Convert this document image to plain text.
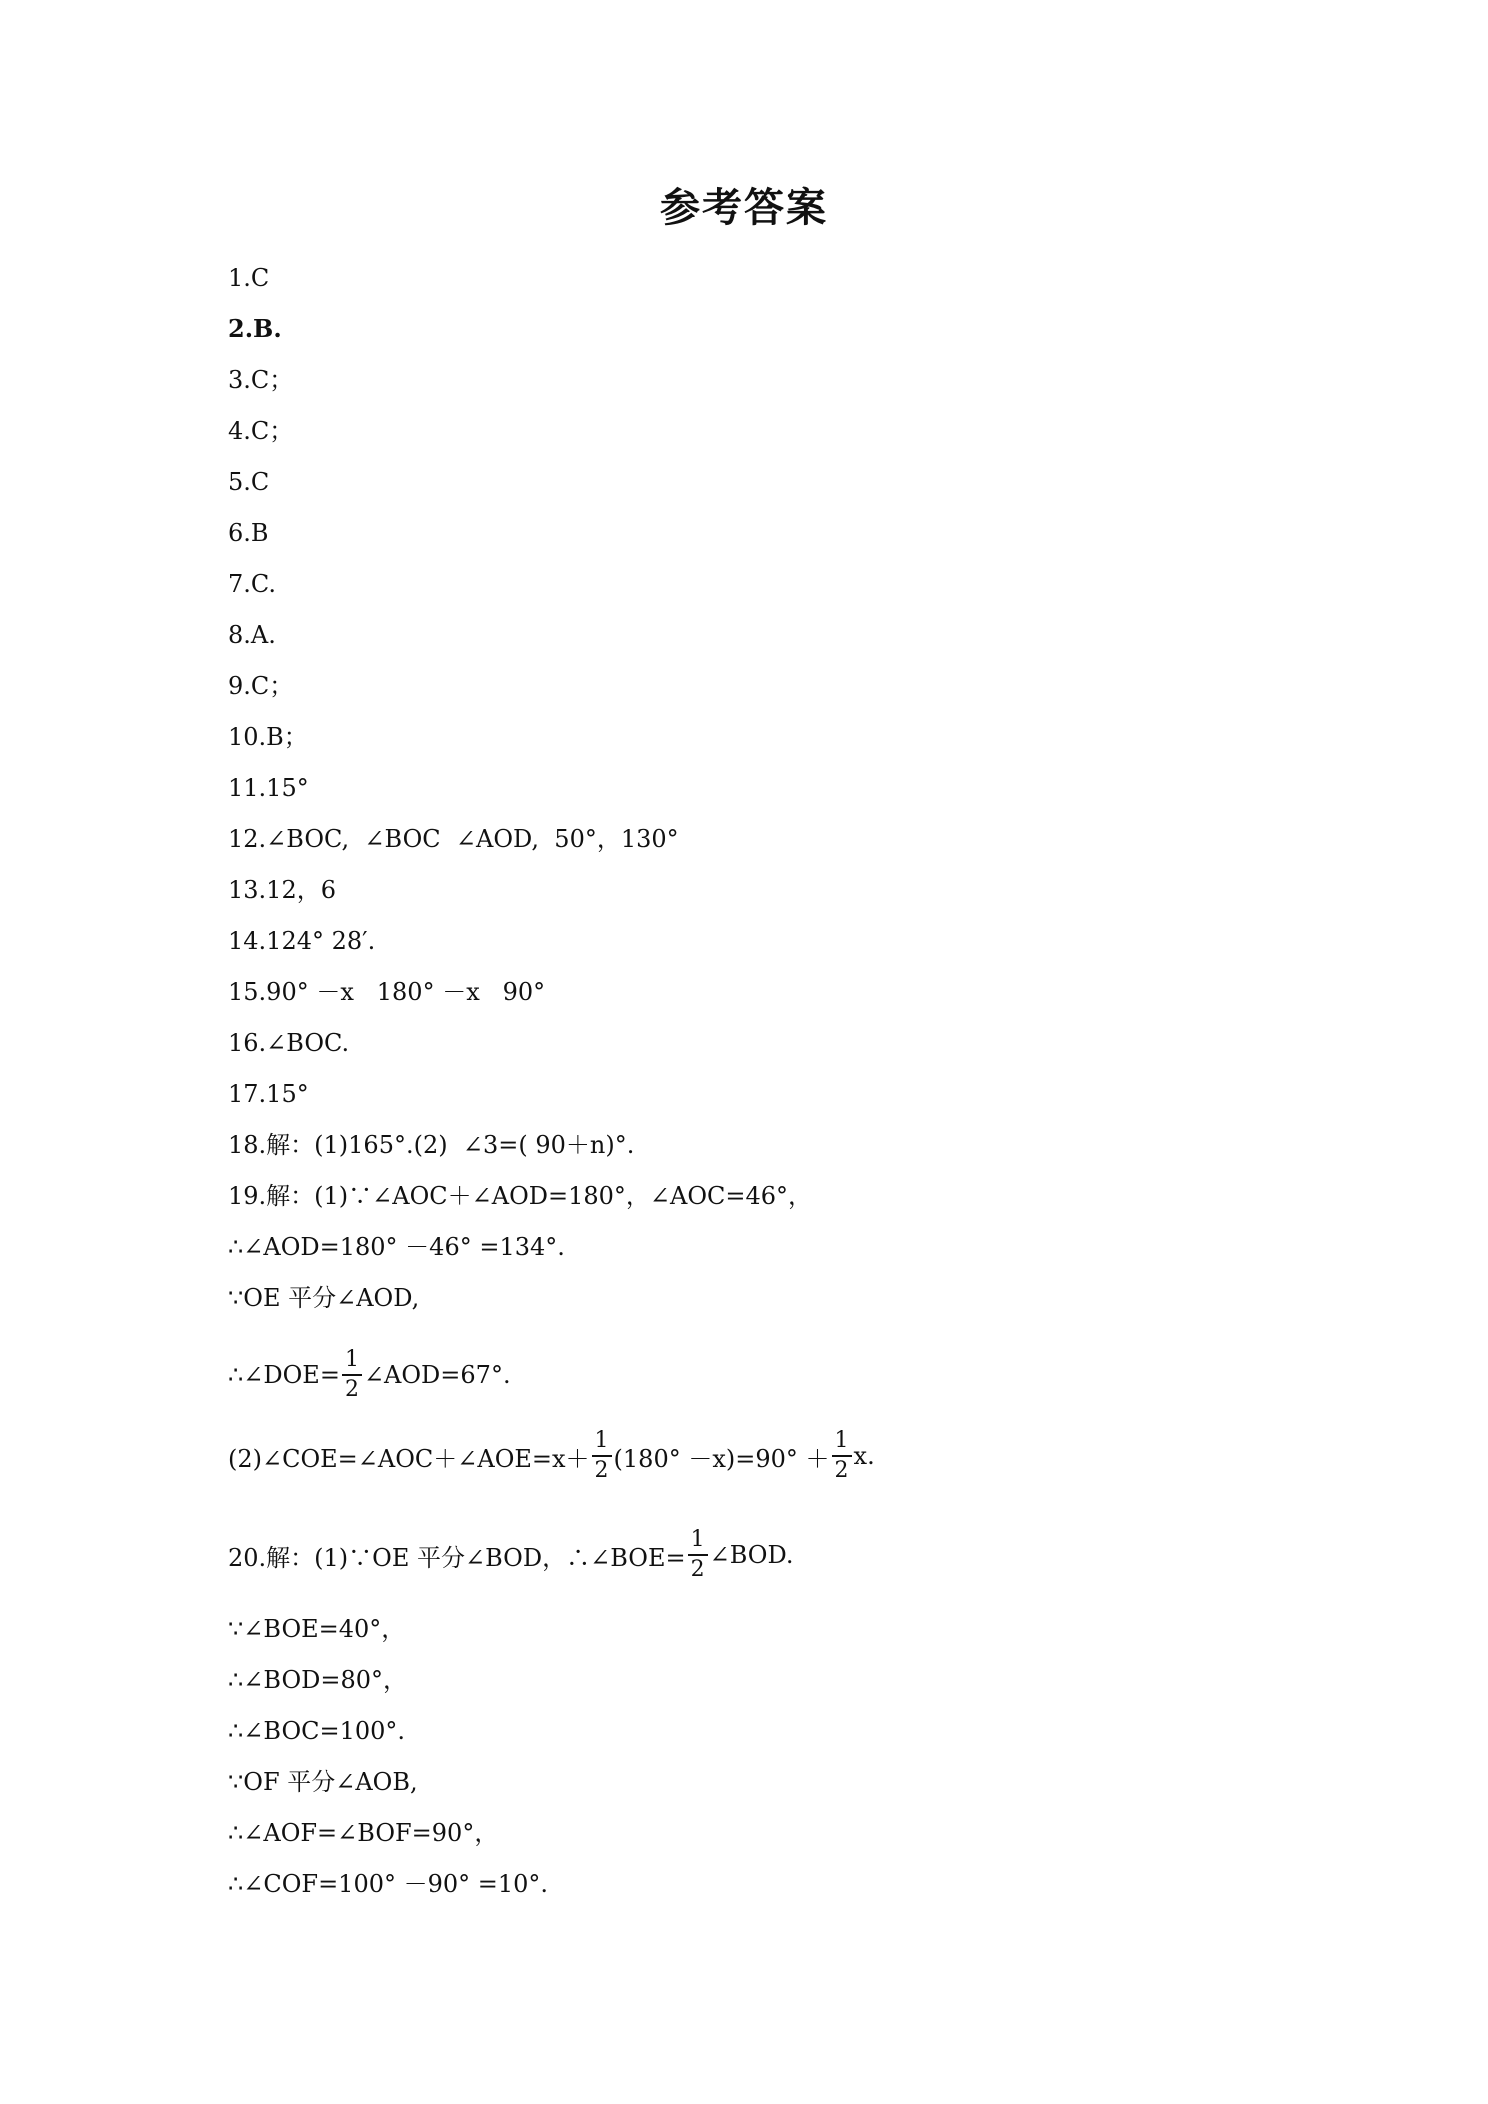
参考答案
1.C
2.B.
3.C；
4.C；
5.C
6.B
7.C.
8.A.
9.C；
10.B；
11.15°
12.∠BOC,  ∠BOC  ∠AOD,  50°，130°
13.12，6
14.124° 28′.
15.90° －x   180° －x   90°
16.∠BOC.
17.15°
18.解：(1)165°.(2)  ∠3=( 90＋n)°.
19.解：(1)∵∠AOC＋∠AOD=180°，∠AOC=46°，
∴∠AOD=180° －46° =134°.
∵OE 平分∠AOD,
∴∠DOE= $\frac{1}{2}$ ∠AOD=67°.
(2)∠COE=∠AOC＋∠AOE=x＋ $\frac{1}{2} (180^\circ -x)=90^\circ + \frac{1}{2} x$.
20.解：(1)∵OE 平分∠BOD，∴∠BOE= $\frac{1}{2}$ ∠BOD.
∵∠BOE=40°，
∴∠BOD=80°，
∴∠BOC=100°.
∵OF 平分∠AOB,
∴∠AOF=∠BOF=90°，
∴∠COF=100° －90° =10°.
